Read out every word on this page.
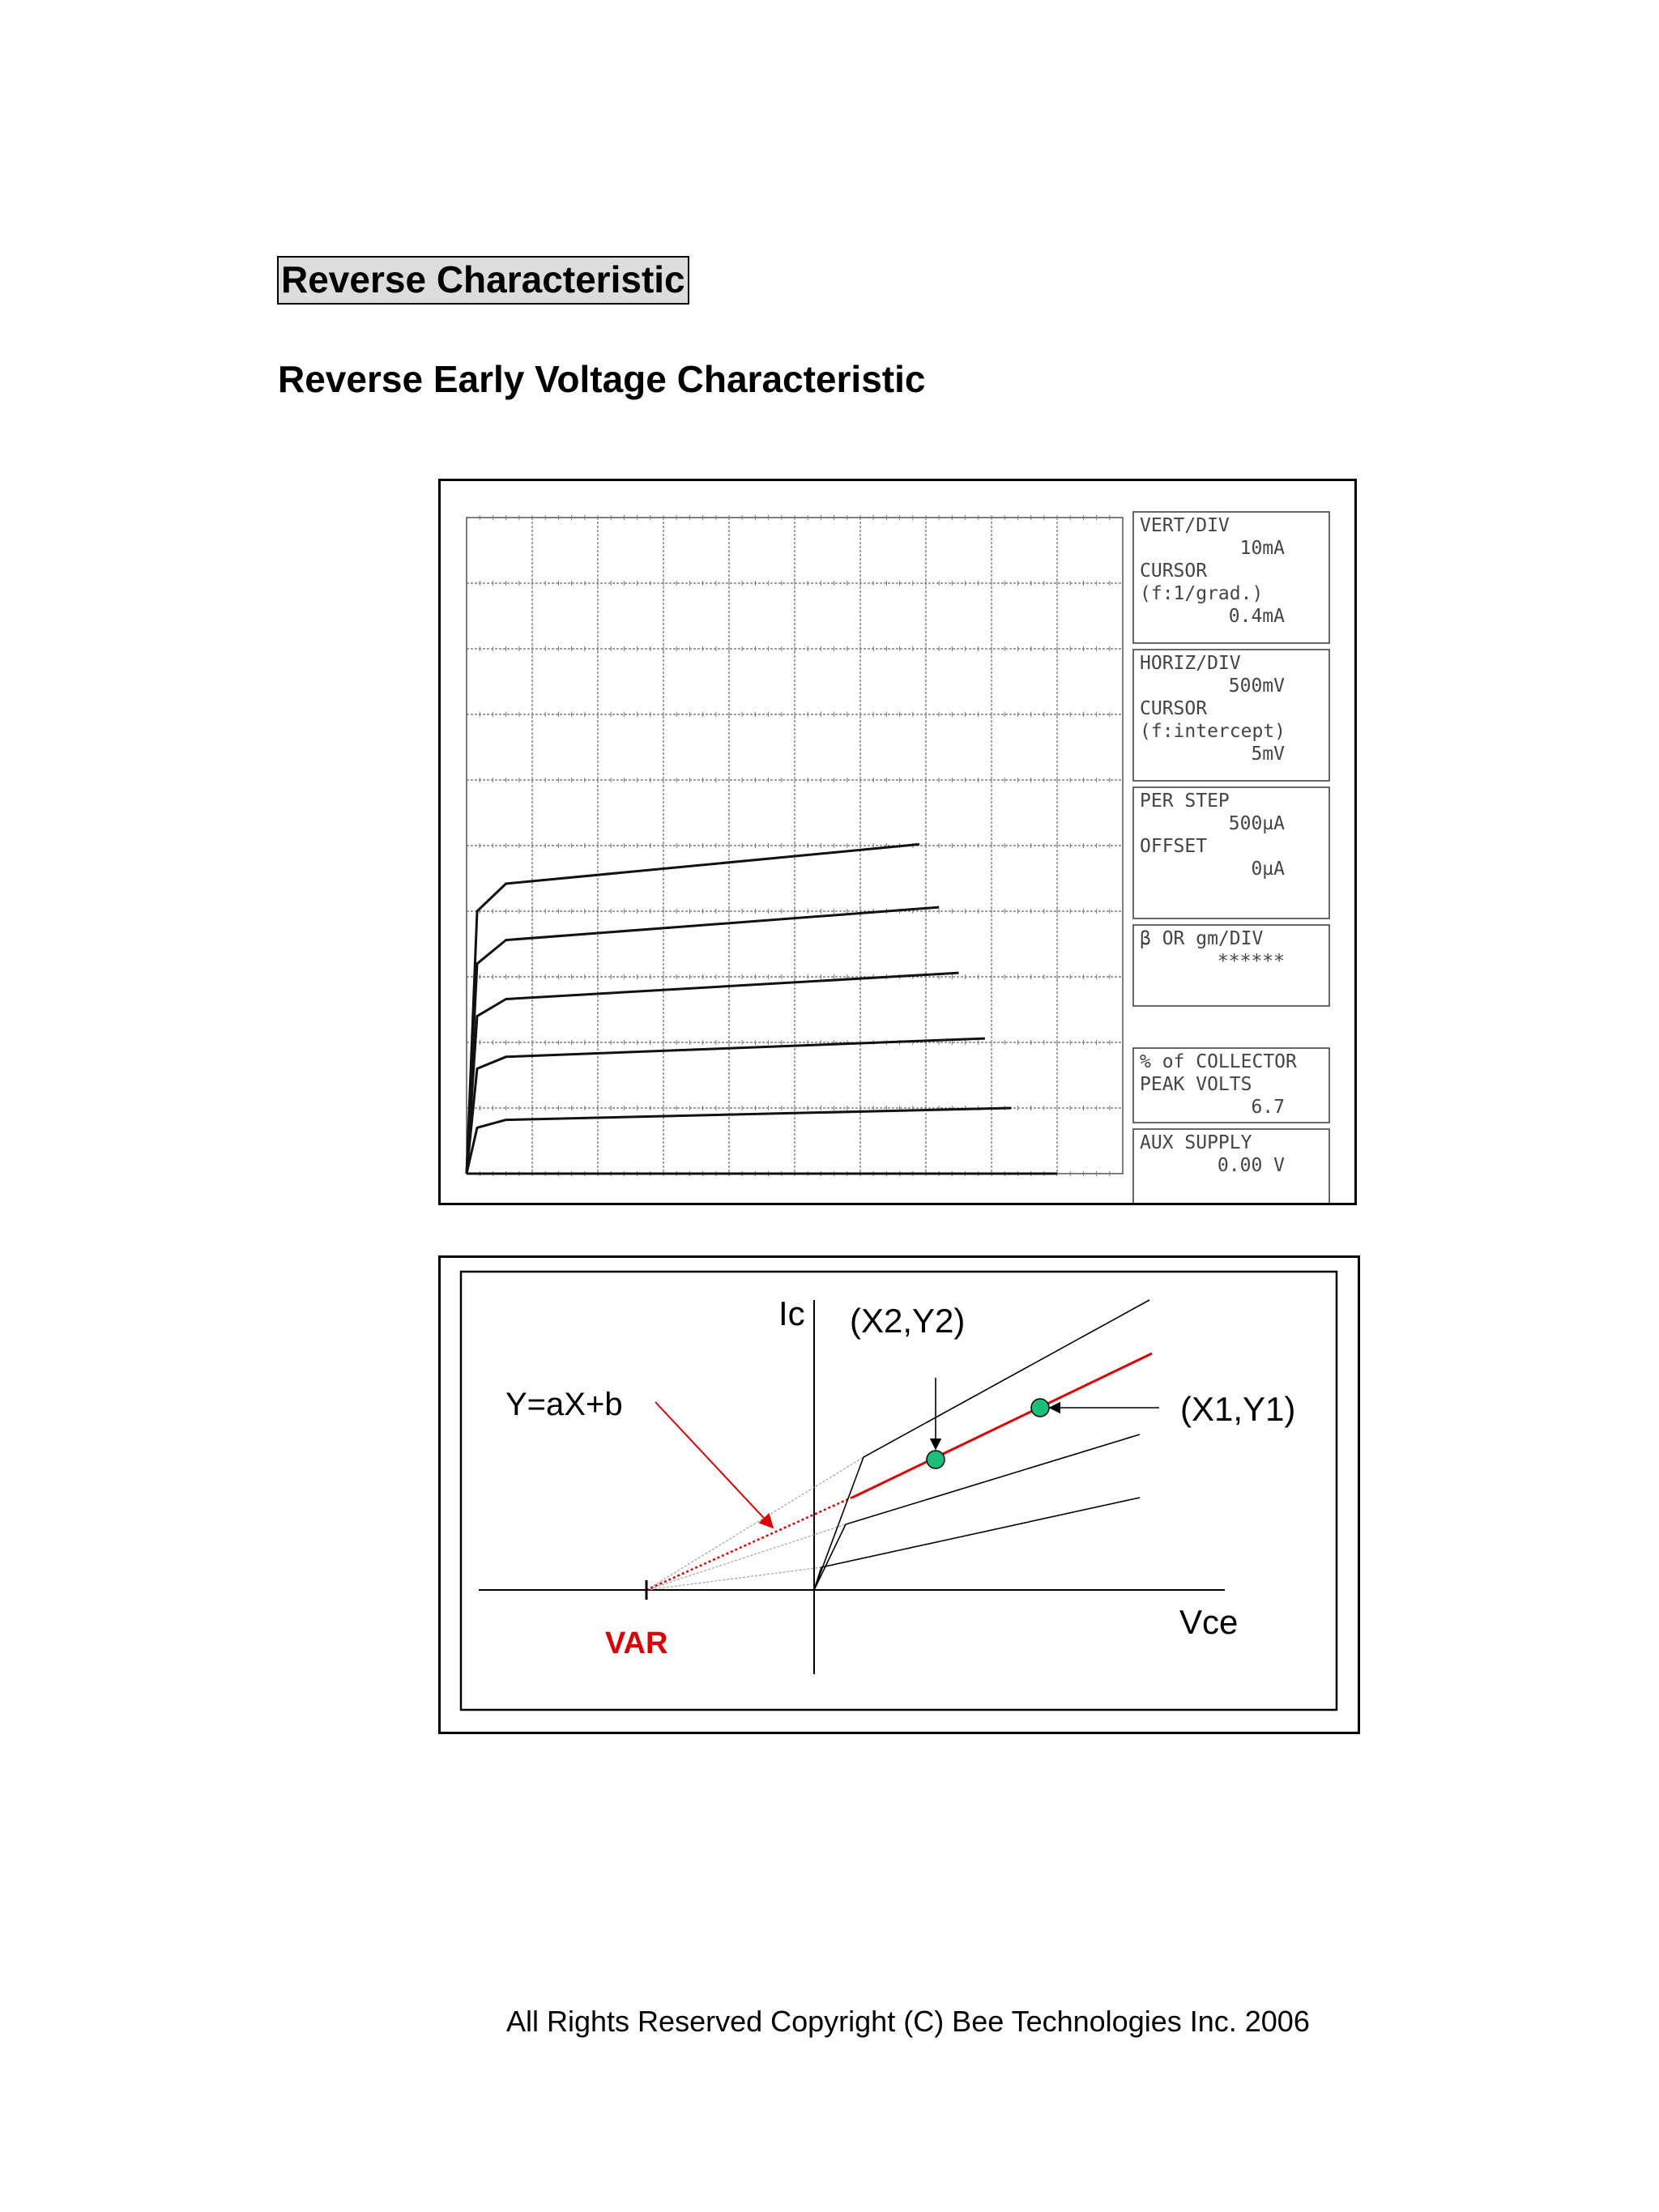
Reverse Characteristic
Reverse Early Voltage Characteristic
VERT/DIV
10mA
CURSOR
(f:1/grad.)
0.4mA
HORIZ/DIV
500mV
CURSOR
(f:intercept)
5mV
PER STEP
500µA
OFFSET
0µA
β OR gm/DIV
******
% of COLLECTOR
PEAK VOLTS
6.7
AUX SUPPLY
0.00 V
Ic (X2,Y2)
Y=aX+b	(X1,Y1)
Vce
VAR
All Rights Reserved Copyright (C) Bee Technologies Inc. 2006
